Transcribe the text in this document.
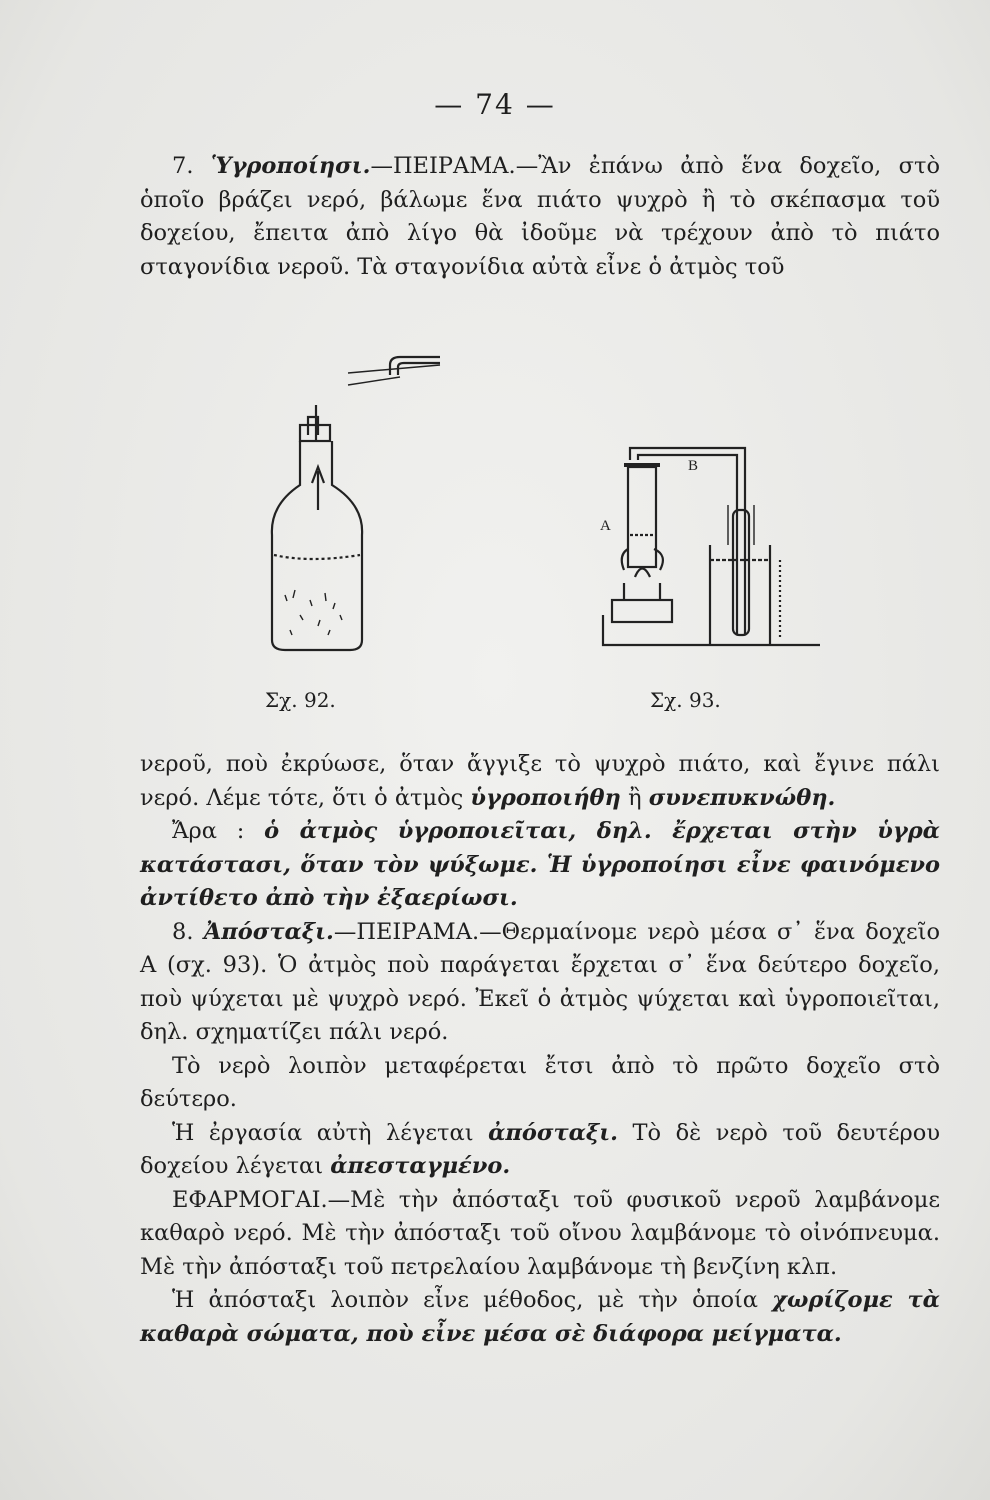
— 74 —

7. Ὑγροποίησι.—ΠΕΙΡΑΜΑ.—Ἂν ἐπάνω ἀπὸ ἕνα δοχεῖο, στὸ ὁποῖο βράζει νερό, βάλωμε ἕνα πιάτο ψυχρὸ ἢ τὸ σκέπασμα τοῦ δοχείου, ἔπειτα ἀπὸ λίγο θὰ ἰδοῦμε νὰ τρέχουν ἀπὸ τὸ πιάτο σταγονίδια νεροῦ. Τὰ σταγονίδια αὐτὰ εἶνε ὁ ἀτμὸς τοῦ

Α
Β
Σχ. 92.	Σχ. 93.

νεροῦ, ποὺ ἐκρύωσε, ὅταν ἄγγιξε τὸ ψυχρὸ πιάτο, καὶ ἔγινε πάλι νερό. Λέμε τότε, ὅτι ὁ ἀτμὸς ὑγροποιήθη ἢ συνεπυκνώθη.

Ἄρα : ὁ ἀτμὸς ὑγροποιεῖται, δηλ. ἔρχεται στὴν ὑγρὰ κατάστασι, ὅταν τὸν ψύξωμε. Ἡ ὑγροποίησι εἶνε φαινόμενο ἀντίθετο ἀπὸ τὴν ἐξαερίωσι.

8. Ἀπόσταξι.—ΠΕΙΡΑΜΑ.—Θερμαίνομε νερὸ μέσα σ᾽ ἕνα δοχεῖο Α (σχ. 93). Ὁ ἀτμὸς ποὺ παράγεται ἔρχεται σ᾽ ἕνα δεύτερο δοχεῖο, ποὺ ψύχεται μὲ ψυχρὸ νερό. Ἐκεῖ ὁ ἀτμὸς ψύχεται καὶ ὑγροποιεῖται, δηλ. σχηματίζει πάλι νερό.

Τὸ νερὸ λοιπὸν μεταφέρεται ἔτσι ἀπὸ τὸ πρῶτο δοχεῖο στὸ δεύτερο.

Ἡ ἐργασία αὐτὴ λέγεται ἀπόσταξι. Τὸ δὲ νερὸ τοῦ δευτέρου δοχείου λέγεται ἀπεσταγμένο.

ΕΦΑΡΜΟΓΑΙ.—Μὲ τὴν ἀπόσταξι τοῦ φυσικοῦ νεροῦ λαμβάνομε καθαρὸ νερό. Μὲ τὴν ἀπόσταξι τοῦ οἴνου λαμβάνομε τὸ οἰνόπνευμα. Μὲ τὴν ἀπόσταξι τοῦ πετρελαίου λαμβάνομε τὴ βενζίνη κλπ.

Ἡ ἀπόσταξι λοιπὸν εἶνε μέθοδος, μὲ τὴν ὁποία χωρίζομε τὰ καθαρὰ σώματα, ποὺ εἶνε μέσα σὲ διάφορα μείγματα.
